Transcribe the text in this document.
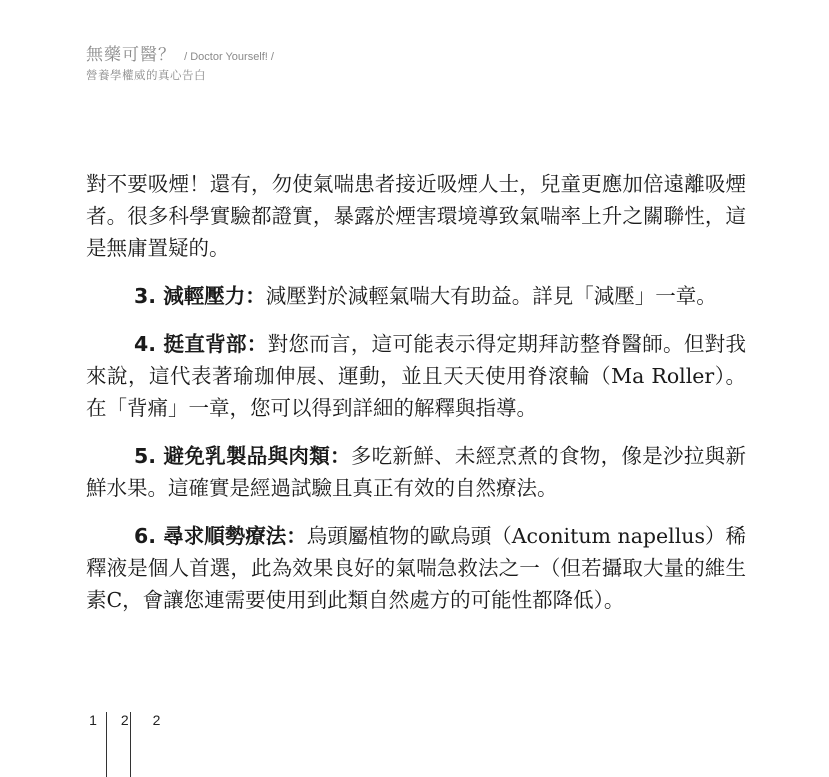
無藥可醫？ / Doctor Yourself! /
營養學權威的真心告白

對不要吸煙！還有，勿使氣喘患者接近吸煙人士，兒童更應加倍遠離吸煙者。很多科學實驗都證實，暴露於煙害環境導致氣喘率上升之關聯性，這是無庸置疑的。

3. 減輕壓力：減壓對於減輕氣喘大有助益。詳見「減壓」一章。

4. 挺直背部：對您而言，這可能表示得定期拜訪整脊醫師。但對我來說，這代表著瑜珈伸展、運動，並且天天使用脊滾輪（Ma Roller）。在「背痛」一章，您可以得到詳細的解釋與指導。

5. 避免乳製品與肉類：多吃新鮮、未經烹煮的食物，像是沙拉與新鮮水果。這確實是經過試驗且真正有效的自然療法。

6. 尋求順勢療法：烏頭屬植物的歐烏頭（Aconitum napellus）稀釋液是個人首選，此為效果良好的氣喘急救法之一（但若攝取大量的維生素C，會讓您連需要使用到此類自然處方的可能性都降低）。

1 2 2
